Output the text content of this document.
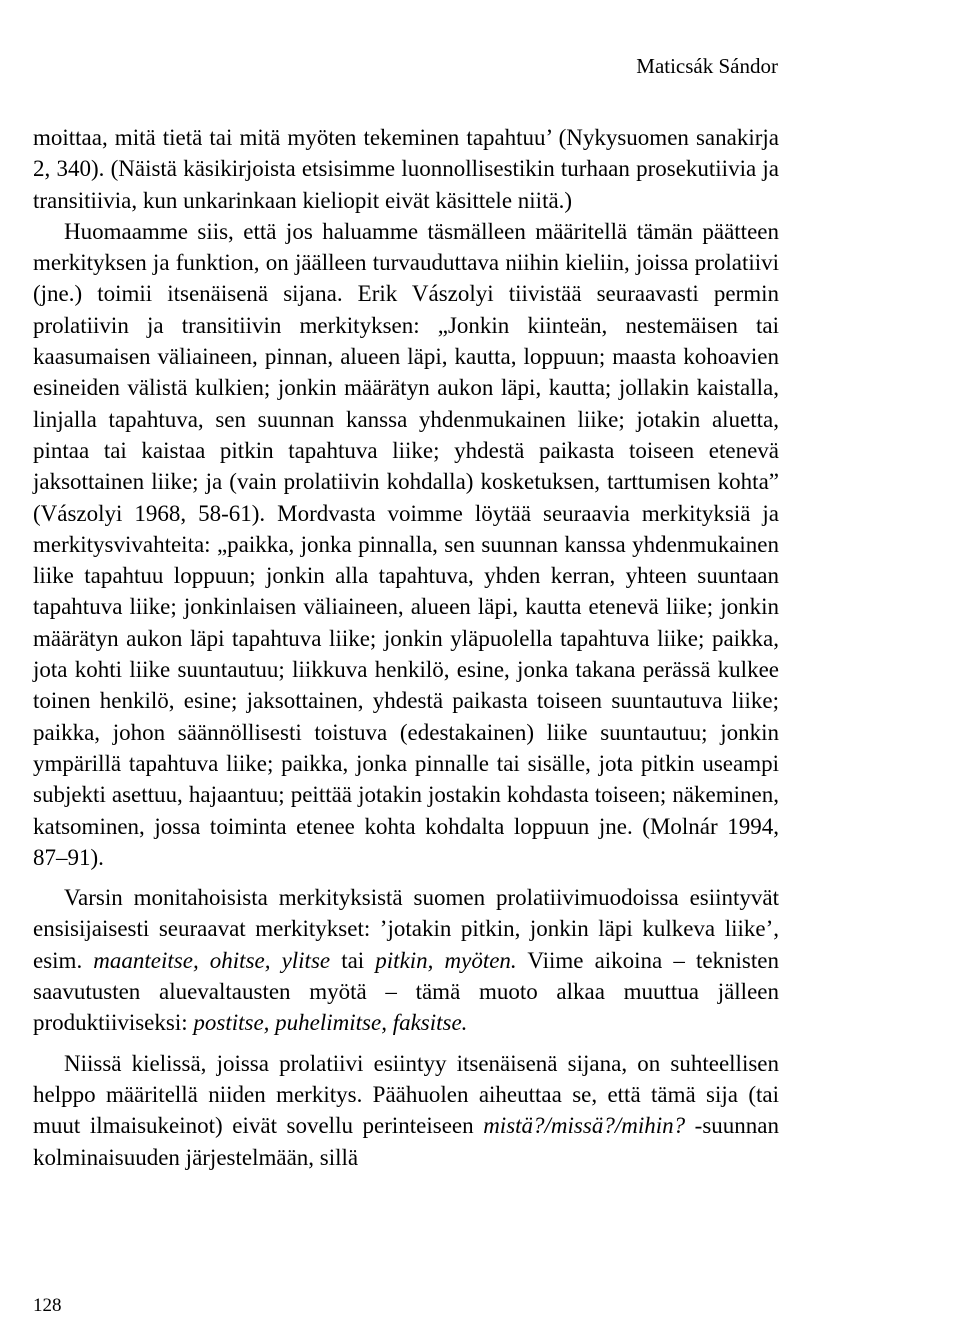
Maticsák Sándor

moittaa, mitä tietä tai mitä myöten tekeminen tapahtuu’ (Nykysuomen sanakirja 2, 340). (Näistä käsikirjoista etsisimme luonnollisestikin turhaan prosekutiivia ja transitiivia, kun unkarinkaan kieliopit eivät käsittele niitä.)

Huomaamme siis, että jos haluamme täsmälleen määritellä tämän päätteen merkityksen ja funktion, on jäälleen turvauduttava niihin kieliin, joissa prolatiivi (jne.) toimii itsenäisenä sijana. Erik Vászolyi tiivistää seuraavasti permin prolatiivin ja transitiivin merkityksen: „Jonkin kiinteän, nestemäisen tai kaasumaisen väliaineen, pinnan, alueen läpi, kautta, loppuun; maasta kohoavien esineiden välistä kulkien; jonkin määrätyn aukon läpi, kautta; jollakin kaistalla, linjalla tapahtuva, sen suunnan kanssa yhdenmukainen liike; jotakin aluetta, pintaa tai kaistaa pitkin tapahtuva liike; yhdestä paikasta toiseen etenevä jaksottainen liike; ja (vain prolatiivin kohdalla) kosketuksen, tarttumisen kohta” (Vászolyi 1968, 58-61). Mordvasta voimme löytää seuraavia merkityksiä ja merkitysvivahteita: „paikka, jonka pinnalla, sen suunnan kanssa yhdenmukainen liike tapahtuu loppuun; jonkin alla tapahtuva, yhden kerran, yhteen suuntaan tapahtuva liike; jonkinlaisen väliaineen, alueen läpi, kautta etenevä liike; jonkin määrätyn aukon läpi tapahtuva liike; jonkin yläpuolella tapahtuva liike; paikka, jota kohti liike suuntautuu; liikkuva henkilö, esine, jonka takana perässä kulkee toinen henkilö, esine; jaksottainen, yhdestä paikasta toiseen suuntautuva liike; paikka, johon säännöllisesti toistuva (edestakainen) liike suuntautuu; jonkin ympärillä tapahtuva liike; paikka, jonka pinnalle tai sisälle, jota pitkin useampi subjekti asettuu, hajaantuu; peittää jotakin jostakin kohdasta toiseen; näkeminen, katsominen, jossa toiminta etenee kohta kohdalta loppuun jne. (Molnár 1994, 87–91).

Varsin monitahoisista merkityksistä suomen prolatiivimuodoissa esiintyvät ensisijaisesti seuraavat merkitykset: ’jotakin pitkin, jonkin läpi kulkeva liike’, esim. maanteitse, ohitse, ylitse tai pitkin, myöten. Viime aikoina – teknisten saavutusten aluevaltausten myötä – tämä muoto alkaa muuttua jälleen produktiiviseksi: postitse, puhelimitse, faksitse.

Niissä kielissä, joissa prolatiivi esiintyy itsenäisenä sijana, on suhteellisen helppo määritellä niiden merkitys. Päähuolen aiheuttaa se, että tämä sija (tai muut ilmaisukeinot) eivät sovellu perinteiseen mistä?/missä?/mihin? -suunnan kolminaisuuden järjestelmään, sillä

128
